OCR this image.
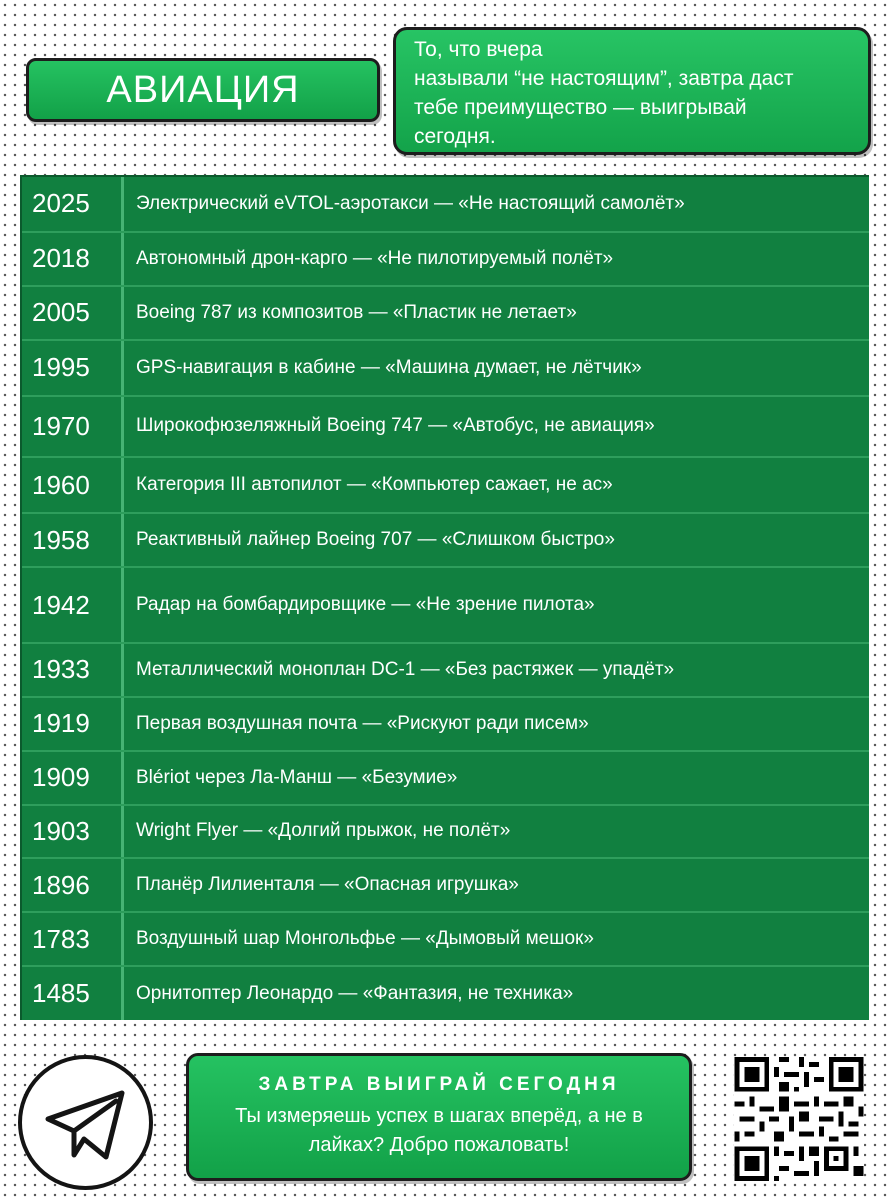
АВИАЦИЯ
То, что вчера
называли “не настоящим”, завтра даст
тебе преимущество — выигрывай
сегодня.
2025	Электрический eVTOL-аэротакси — «Не настоящий самолёт»
2018	Автономный дрон-карго — «Не пилотируемый полёт»
2005	Boeing 787 из композитов — «Пластик не летает»
1995	GPS-навигация в кабине — «Машина думает, не лётчик»
1970	Широкофюзеляжный Boeing 747 — «Автобус, не авиация»
1960	Категория III автопилот — «Компьютер сажает, не ас»
1958	Реактивный лайнер Boeing 707 — «Слишком быстро»
1942	Радар на бомбардировщике — «Не зрение пилота»
1933	Металлический моноплан DC-1 — «Без растяжек — упадёт»
1919	Первая воздушная почта — «Рискуют ради писем»
1909	Blériot через Ла-Манш — «Безумие»
1903	Wright Flyer — «Долгий прыжок, не полёт»
1896	Планёр Лилиенталя — «Опасная игрушка»
1783	Воздушный шар Монгольфье — «Дымовый мешок»
1485	Орнитоптер Леонардо — «Фантазия, не техника»
ЗАВТРА ВЫИГРАЙ СЕГОДНЯ
Ты измеряешь успех в шагах вперёд, а не в лайках? Добро пожаловать!
